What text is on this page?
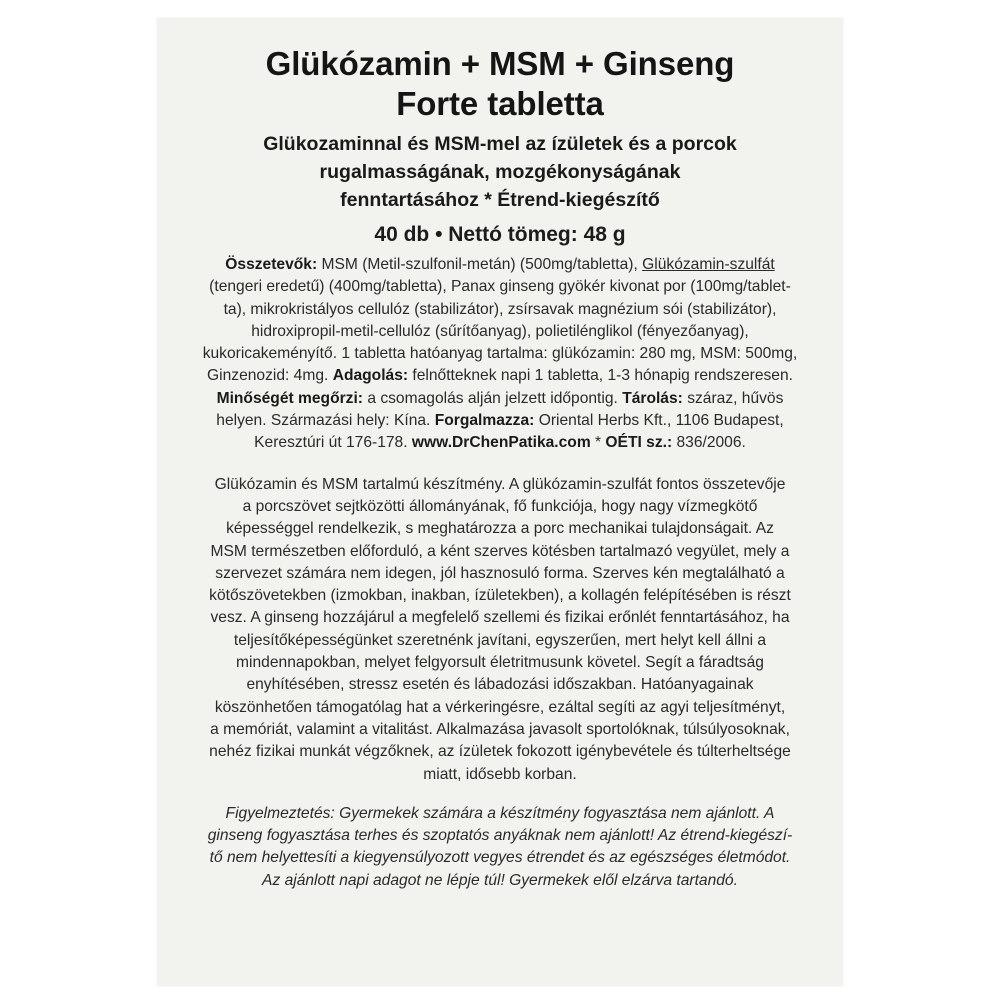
Glükózamin + MSM + Ginseng
Forte tabletta
Glükozaminnal és MSM-mel az ízületek és a porcok
rugalmasságának, mozgékonyságának
fenntartásához * Étrend-kiegészítő
40 db • Nettó tömeg: 48 g
Összetevők: MSM (Metil-szulfonil-metán) (500mg/tabletta), Glükózamin-szulfát
(tengeri eredetű) (400mg/tabletta), Panax ginseng gyökér kivonat por (100mg/tablet-
ta), mikrokristályos cellulóz (stabilizátor), zsírsavak magnézium sói (stabilizátor),
hidroxipropil-metil-cellulóz (sűrítőanyag), polietilénglikol (fényezőanyag),
kukoricakeményítő. 1 tabletta hatóanyag tartalma: glükózamin: 280 mg, MSM: 500mg,
Ginzenozid: 4mg. Adagolás: felnőtteknek napi 1 tabletta, 1-3 hónapig rendszeresen.
Minőségét megőrzi: a csomagolás alján jelzett időpontig. Tárolás: száraz, hűvös
helyen. Származási hely: Kína. Forgalmazza: Oriental Herbs Kft., 1106 Budapest,
Keresztúri út 176-178. www.DrChenPatika.com * OÉTI sz.: 836/2006.
Glükózamin és MSM tartalmú készítmény. A glükózamin-szulfát fontos összetevője
a porcszövet sejtközötti állományának, fő funkciója, hogy nagy vízmegkötő
képességgel rendelkezik, s meghatározza a porc mechanikai tulajdonságait. Az
MSM természetben előforduló, a ként szerves kötésben tartalmazó vegyület, mely a
szervezet számára nem idegen, jól hasznosuló forma. Szerves kén megtalálható a
kötőszövetekben (izmokban, inakban, ízületekben), a kollagén felépítésében is részt
vesz. A ginseng hozzájárul a megfelelő szellemi és fizikai erőnlét fenntartásához, ha
teljesítőképességünket szeretnénk javítani, egyszerűen, mert helyt kell állni a
mindennapokban, melyet felgyorsult életritmusunk követel. Segít a fáradtság
enyhítésében, stressz esetén és lábadozási időszakban. Hatóanyagainak
köszönhetően támogatólag hat a vérkeringésre, ezáltal segíti az agyi teljesítményt,
a memóriát, valamint a vitalitást. Alkalmazása javasolt sportolóknak, túlsúlyosoknak,
nehéz fizikai munkát végzőknek, az ízületek fokozott igénybevétele és túlterheltsége
miatt, idősebb korban.
Figyelmeztetés: Gyermekek számára a készítmény fogyasztása nem ajánlott. A
ginseng fogyasztása terhes és szoptatós anyáknak nem ajánlott! Az étrend-kiegészí-
tő nem helyettesíti a kiegyensúlyozott vegyes étrendet és az egészséges életmódot.
Az ajánlott napi adagot ne lépje túl! Gyermekek elől elzárva tartandó.
